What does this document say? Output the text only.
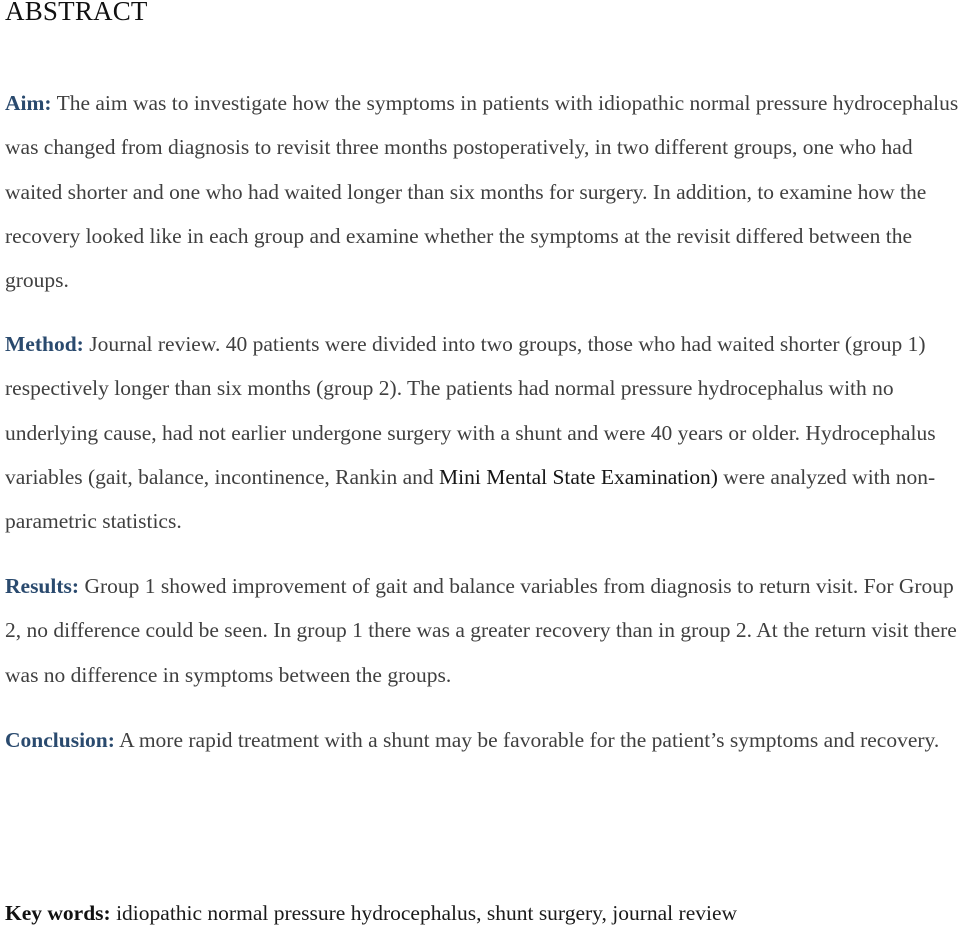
ABSTRACT

Aim: The aim was to investigate how the symptoms in patients with idiopathic normal pressure hydrocephalus was changed from diagnosis to revisit three months postoperatively, in two different groups, one who had waited shorter and one who had waited longer than six months for surgery. In addition, to examine how the recovery looked like in each group and examine whether the symptoms at the revisit differed between the groups.

Method: Journal review. 40 patients were divided into two groups, those who had waited shorter (group 1) respectively longer than six months (group 2). The patients had normal pressure hydrocephalus with no underlying cause, had not earlier undergone surgery with a shunt and were 40 years or older. Hydrocephalus variables (gait, balance, incontinence, Rankin and Mini Mental State Examination) were analyzed with non-parametric statistics.

Results: Group 1 showed improvement of gait and balance variables from diagnosis to return visit. For Group 2, no difference could be seen. In group 1 there was a greater recovery than in group 2. At the return visit there was no difference in symptoms between the groups.

Conclusion: A more rapid treatment with a shunt may be favorable for the patient’s symptoms and recovery.

Key words: idiopathic normal pressure hydrocephalus, shunt surgery, journal review
